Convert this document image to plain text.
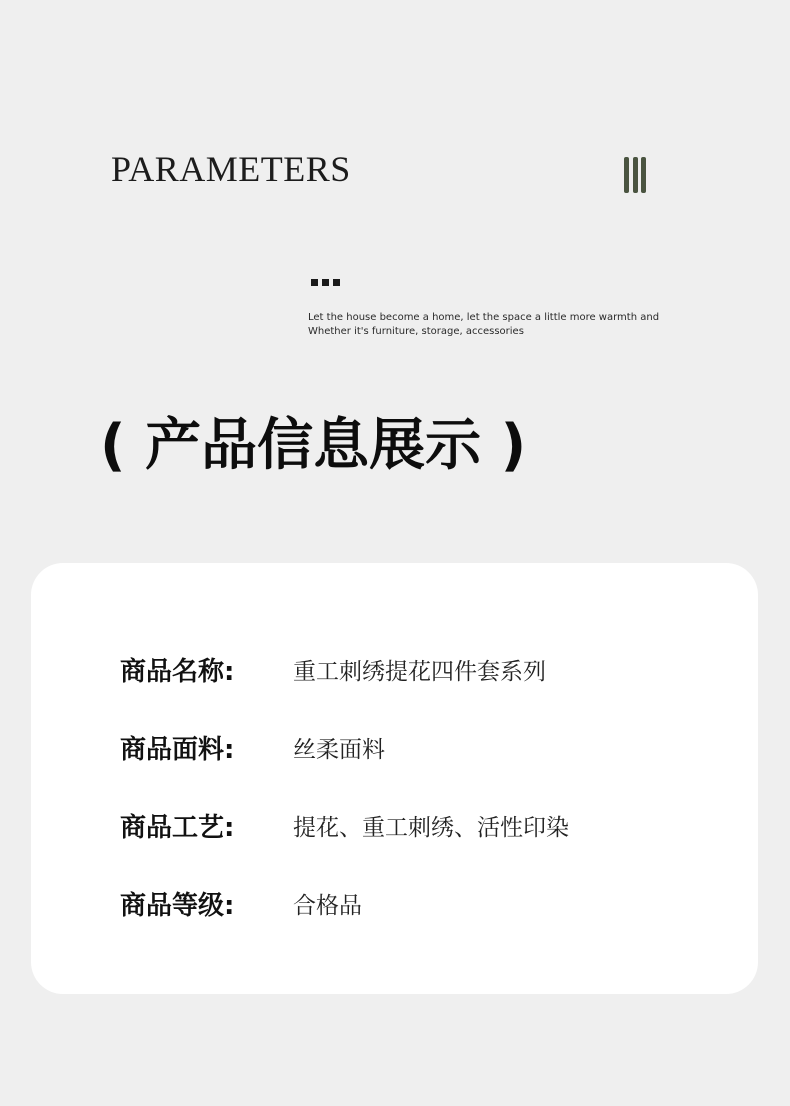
PARAMETERS
Let the house become a home, let the space a little more warmth and
Whether it's furniture, storage, accessories
( 产品信息展示 )
商品名称:	重工刺绣提花四件套系列
商品面料:	丝柔面料
商品工艺:	提花、重工刺绣、活性印染
商品等级:	合格品
